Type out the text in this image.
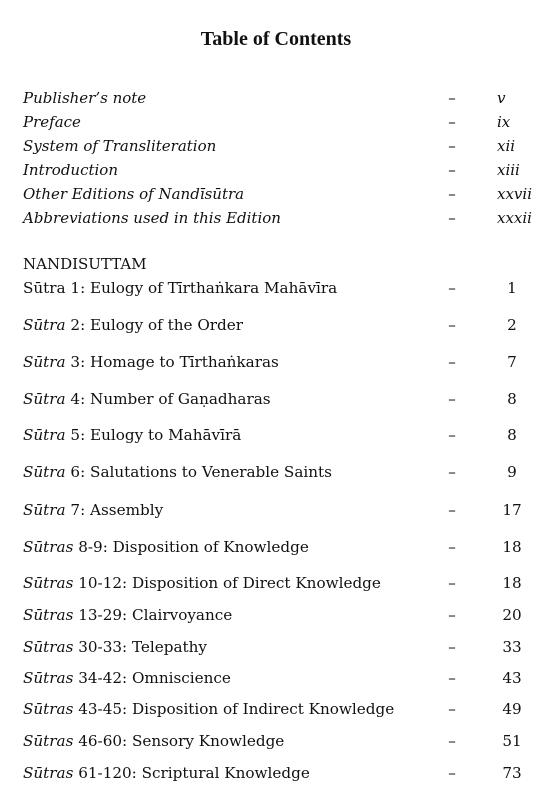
Table of Contents
Publisher’s note	–	v
Preface	–	ix
System of Transliteration	–	xii
Introduction	–	xiii
Other Editions of Nandīsūtra	–	xxvii
Abbreviations used in this Edition	–	xxxii
NANDISUTTAM
Sūtra 1: Eulogy of Tīrthaṅkara Mahāvīra	–	1
Sūtra 2: Eulogy of the Order	–	2
Sūtra 3: Homage to Tīrthaṅkaras	–	7
Sūtra 4: Number of Gaṇadharas	–	8
Sūtra 5: Eulogy to Mahāvīrā	–	8
Sūtra 6: Salutations to Venerable Saints	–	9
Sūtra 7: Assembly	–	17
Sūtras 8-9: Disposition of Knowledge	–	18
Sūtras 10-12: Disposition of Direct Knowledge	–	18
Sūtras 13-29: Clairvoyance	–	20
Sūtras 30-33: Telepathy	–	33
Sūtras 34-42: Omniscience	–	43
Sūtras 43-45: Disposition of Indirect Knowledge	–	49
Sūtras 46-60: Sensory Knowledge	–	51
Sūtras 61-120: Scriptural Knowledge	–	73
